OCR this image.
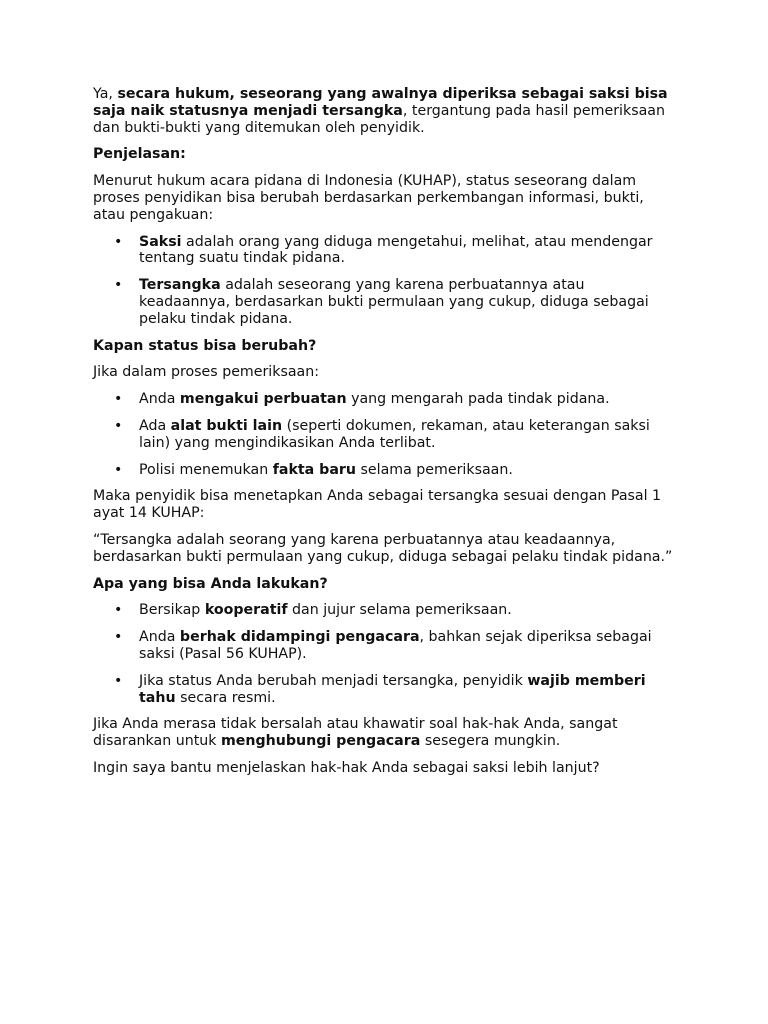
Ya, secara hukum, seseorang yang awalnya diperiksa sebagai saksi bisa saja naik statusnya menjadi tersangka, tergantung pada hasil pemeriksaan dan bukti-bukti yang ditemukan oleh penyidik.

Penjelasan:

Menurut hukum acara pidana di Indonesia (KUHAP), status seseorang dalam proses penyidikan bisa berubah berdasarkan perkembangan informasi, bukti, atau pengakuan:

• Saksi adalah orang yang diduga mengetahui, melihat, atau mendengar tentang suatu tindak pidana.
• Tersangka adalah seseorang yang karena perbuatannya atau keadaannya, berdasarkan bukti permulaan yang cukup, diduga sebagai pelaku tindak pidana.

Kapan status bisa berubah?

Jika dalam proses pemeriksaan:

• Anda mengakui perbuatan yang mengarah pada tindak pidana.
• Ada alat bukti lain (seperti dokumen, rekaman, atau keterangan saksi lain) yang mengindikasikan Anda terlibat.
• Polisi menemukan fakta baru selama pemeriksaan.

Maka penyidik bisa menetapkan Anda sebagai tersangka sesuai dengan Pasal 1 ayat 14 KUHAP:

“Tersangka adalah seorang yang karena perbuatannya atau keadaannya, berdasarkan bukti permulaan yang cukup, diduga sebagai pelaku tindak pidana.”

Apa yang bisa Anda lakukan?

• Bersikap kooperatif dan jujur selama pemeriksaan.
• Anda berhak didampingi pengacara, bahkan sejak diperiksa sebagai saksi (Pasal 56 KUHAP).
• Jika status Anda berubah menjadi tersangka, penyidik wajib memberi tahu secara resmi.

Jika Anda merasa tidak bersalah atau khawatir soal hak-hak Anda, sangat disarankan untuk menghubungi pengacara sesegera mungkin.

Ingin saya bantu menjelaskan hak-hak Anda sebagai saksi lebih lanjut?
